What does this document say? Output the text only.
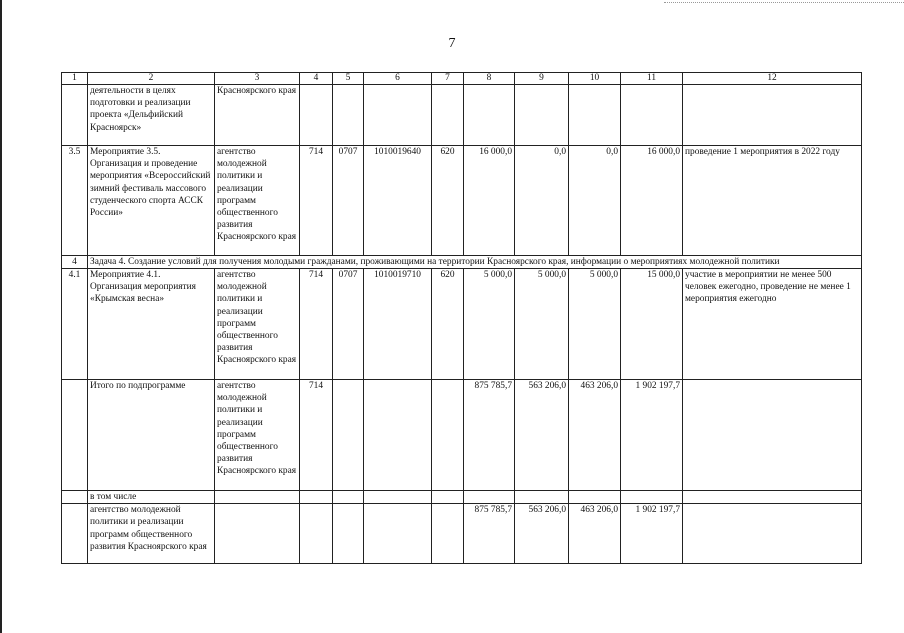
7
1	2	3	4	5	6	7	8	9	10	11	12
	деятельности в целях подготовки и реализации проекта «Дельфийский Красноярск»	Красноярского края									
3.5	Мероприятие 3.5. Организация и проведение мероприятия «Всероссийский зимний фестиваль массового студенческого спорта АССК России»	агентство молодежной политики и реализации программ общественного развития Красноярского края	714	0707	1010019640	620	16 000,0	0,0	0,0	16 000,0	проведение 1 мероприятия в 2022 году
4	Задача 4. Создание условий для получения молодыми гражданами, проживающими на территории Красноярского края, информации о мероприятиях молодежной политики										
4.1	Мероприятие 4.1. Организация мероприятия «Крымская весна»	агентство молодежной политики и реализации программ общественного развития Красноярского края	714	0707	1010019710	620	5 000,0	5 000,0	5 000,0	15 000,0	участие в мероприятии не менее 500 человек ежегодно, проведение не менее 1 мероприятия ежегодно
	Итого по подпрограмме	агентство молодежной политики и реализации программ общественного развития Красноярского края	714				875 785,7	563 206,0	463 206,0	1 902 197,7	
	в том числе										
	агентство молодежной политики и реализации программ общественного развития Красноярского края						875 785,7	563 206,0	463 206,0	1 902 197,7	
